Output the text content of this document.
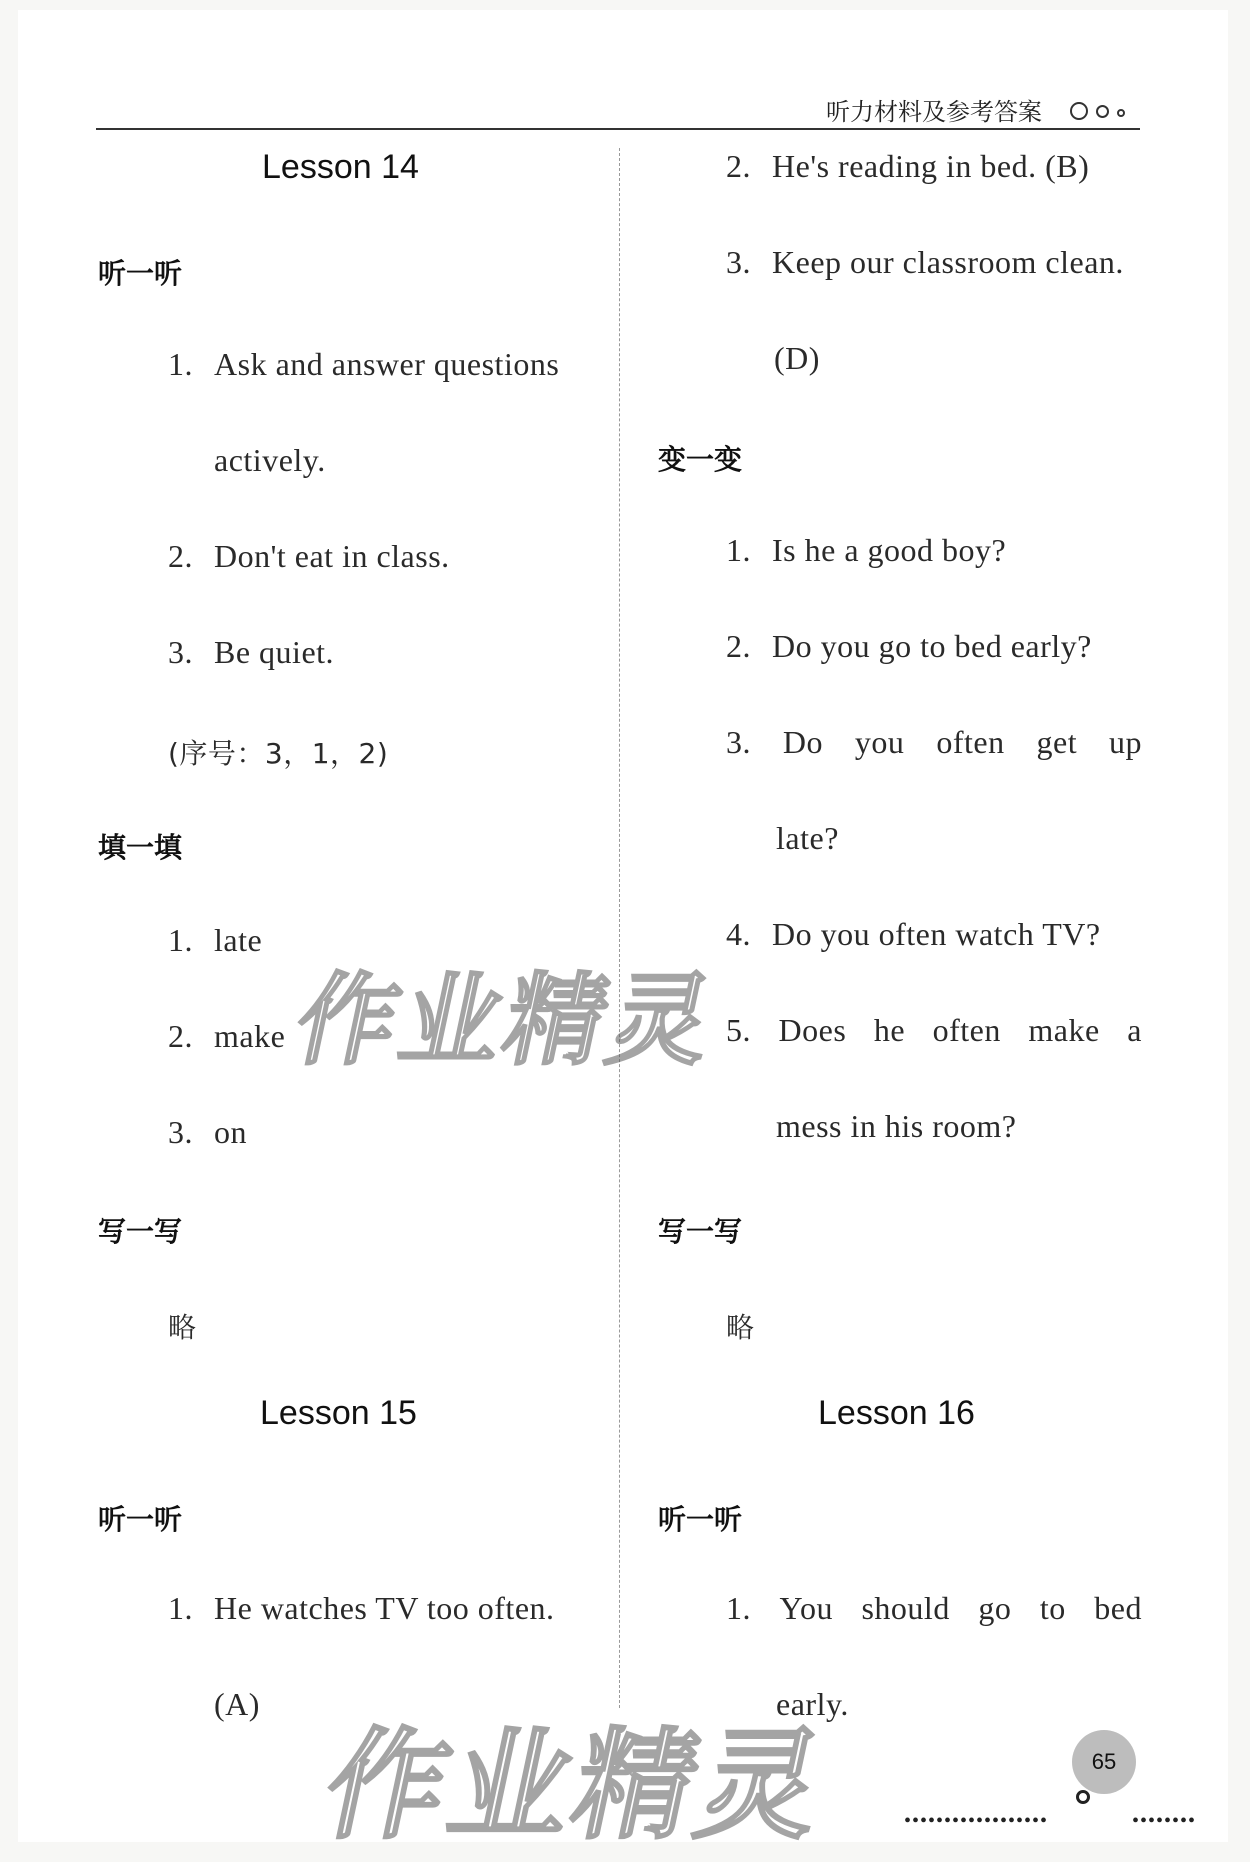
听力材料及参考答案
Lesson 14
听一听
1. Ask and answer questions
actively.
2. Don't eat in class.
3. Be quiet.
(序号：3，1，2)
填一填
1. late
2. make
3. on
写一写
略
Lesson 15
听一听
1. He watches TV too often.
(A)
2. He's reading in bed. (B)
3. Keep our classroom clean.
(D)
变一变
1. Is he a good boy?
2. Do you go to bed early?
3. Do you often get up
late?
4. Do you often watch TV?
5. Does he often make a
mess in his room?
写一写
略
Lesson 16
听一听
1. You should go to bed
early.
作业精灵
作业精灵	••••••••••••••••••	••••••••
65
